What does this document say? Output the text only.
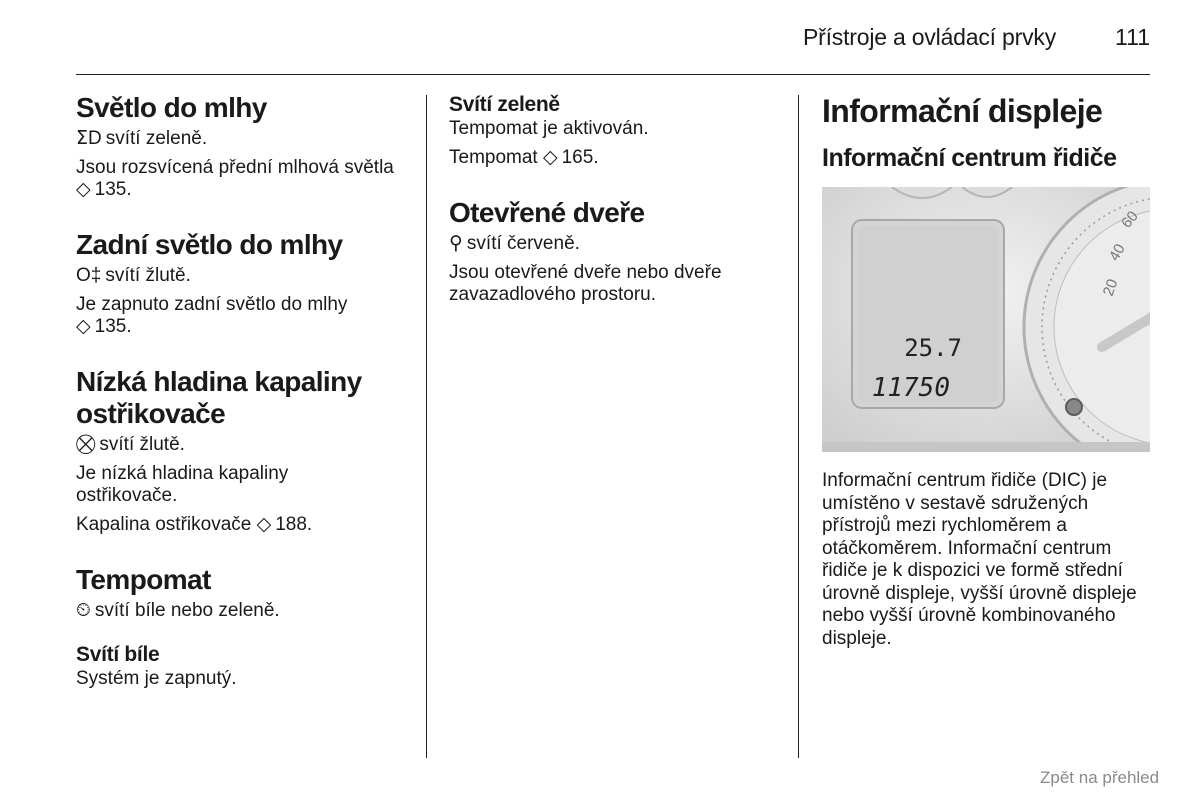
Přístroje a ovládací prvky	111
Světlo do mlhy

ⵉD svítí zeleně.

Jsou rozsvícená přední mlhová světla

◇ 135.

Zadní světlo do mlhy

O‡ svítí žlutě.

Je zapnuto zadní světlo do mlhy

◇ 135.

Nízká hladina kapaliny ostřikovače

⛒ svítí žlutě.

Je nízká hladina kapaliny ostřikovače.

Kapalina ostřikovače ◇ 188.

Tempomat

⏲ svítí bíle nebo zeleně.

Svítí bíle

Systém je zapnutý.

Svítí zeleně

Tempomat je aktivován.

Tempomat ◇ 165.

Otevřené dveře

⚲ svítí červeně.

Jsou otevřené dveře nebo dveře zavazadlového prostoru.

Informační displeje
Informační centrum řidiče
20
40
60
25.7
11750

Informační centrum řidiče (DIC) je umístěno v sestavě sdružených přístrojů mezi rychloměrem a otáčkoměrem. Informační centrum řidiče je k dispozici ve formě střední úrovně displeje, vyšší úrovně displeje nebo vyšší úrovně kombinovaného displeje.

Zpět na přehled
